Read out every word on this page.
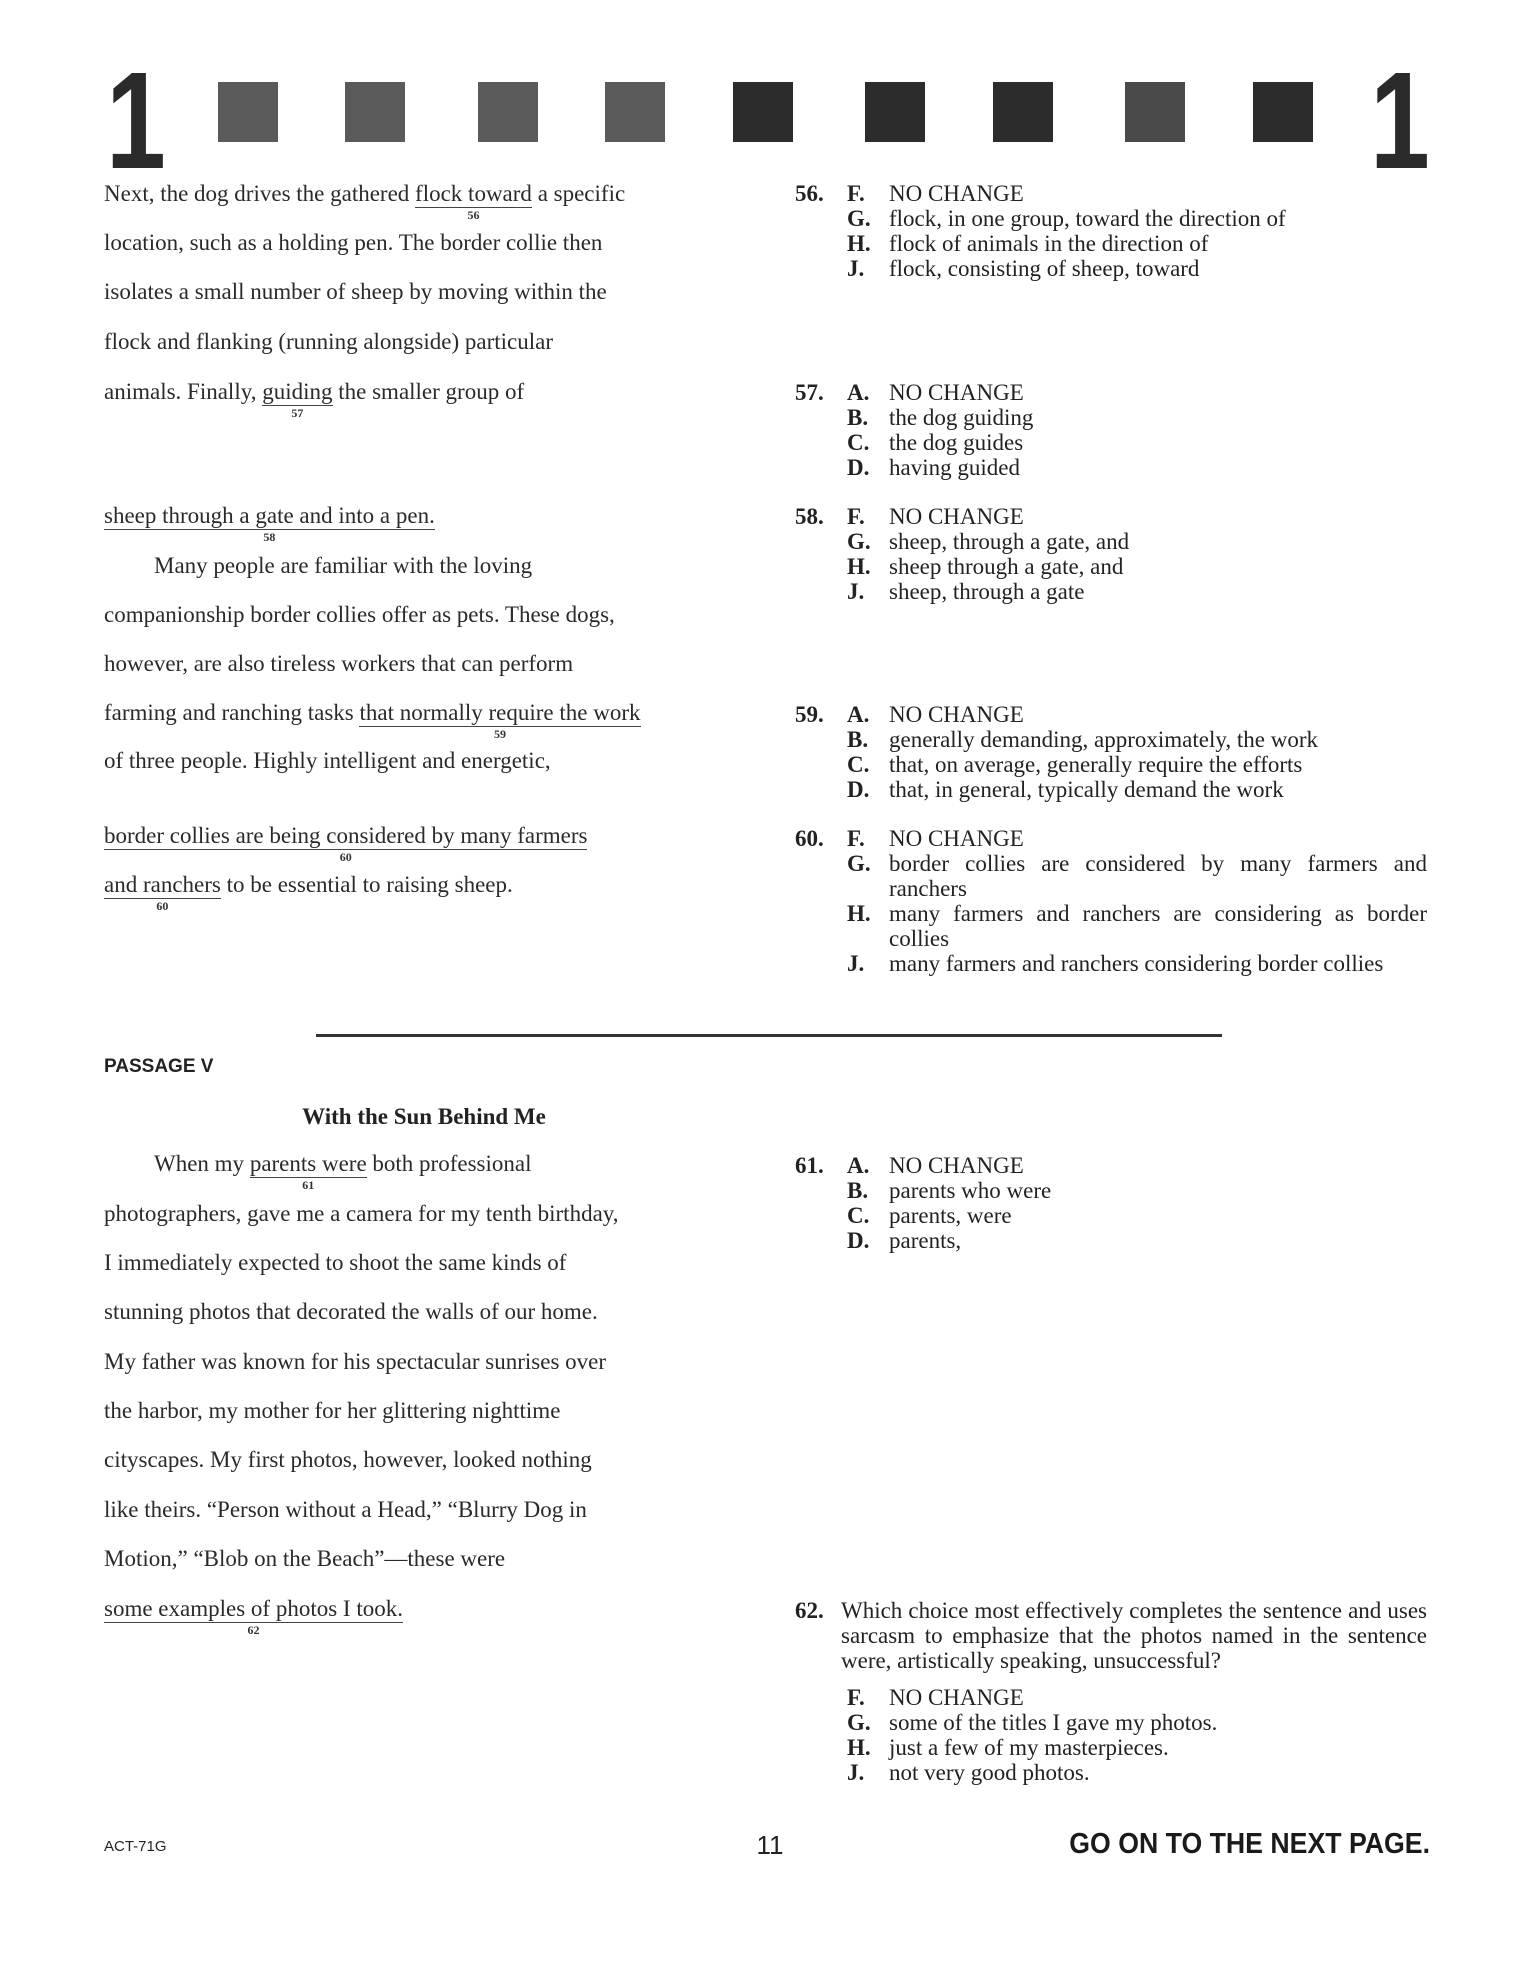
1	1
Next, the dog drives the gathered flock toward
56
a specific
location, such as a holding pen. The border collie then
isolates a small number of sheep by moving within the
flock and flanking (running alongside) particular
animals. Finally, guiding
57
the smaller group of
sheep through a gate and into a pen.
58
Many people are familiar with the loving
companionship border collies offer as pets. These dogs,
however, are also tireless workers that can perform
farming and ranching tasks that normally require the work
59
of three people. Highly intelligent and energetic,
border collies are being considered by many farmers
60
and ranchers
60
to be essential to raising sheep.
56.	F. NO CHANGE
G. flock, in one group, toward the direction of
H. flock of animals in the direction of
J. flock, consisting of sheep, toward
57.	A. NO CHANGE
B. the dog guiding
C. the dog guides
D. having guided
58.	F. NO CHANGE
G. sheep, through a gate, and
H. sheep through a gate, and
J. sheep, through a gate
59.	A. NO CHANGE
B. generally demanding, approximately, the work
C. that, on average, generally require the efforts
D. that, in general, typically demand the work
60.	F. NO CHANGE
G. border collies are considered by many farmers and ranchers
H. many farmers and ranchers are considering as border collies
J. many farmers and ranchers considering border collies
PASSAGE V
With the Sun Behind Me
When my parents were
61
both professional
photographers, gave me a camera for my tenth birthday,
I immediately expected to shoot the same kinds of
stunning photos that decorated the walls of our home.
My father was known for his spectacular sunrises over
the harbor, my mother for her glittering nighttime
cityscapes. My first photos, however, looked nothing
like theirs. “Person without a Head,” “Blurry Dog in
Motion,” “Blob on the Beach”—these were
some examples of photos I took.
62
61.	A. NO CHANGE
B. parents who were
C. parents, were
D. parents,
62. Which choice most effectively completes the sentence and uses sarcasm to emphasize that the photos named in the sentence were, artistically speaking, unsuccessful?
F. NO CHANGE
G. some of the titles I gave my photos.
H. just a few of my masterpieces.
J. not very good photos.
ACT-71G	11	GO ON TO THE NEXT PAGE.
